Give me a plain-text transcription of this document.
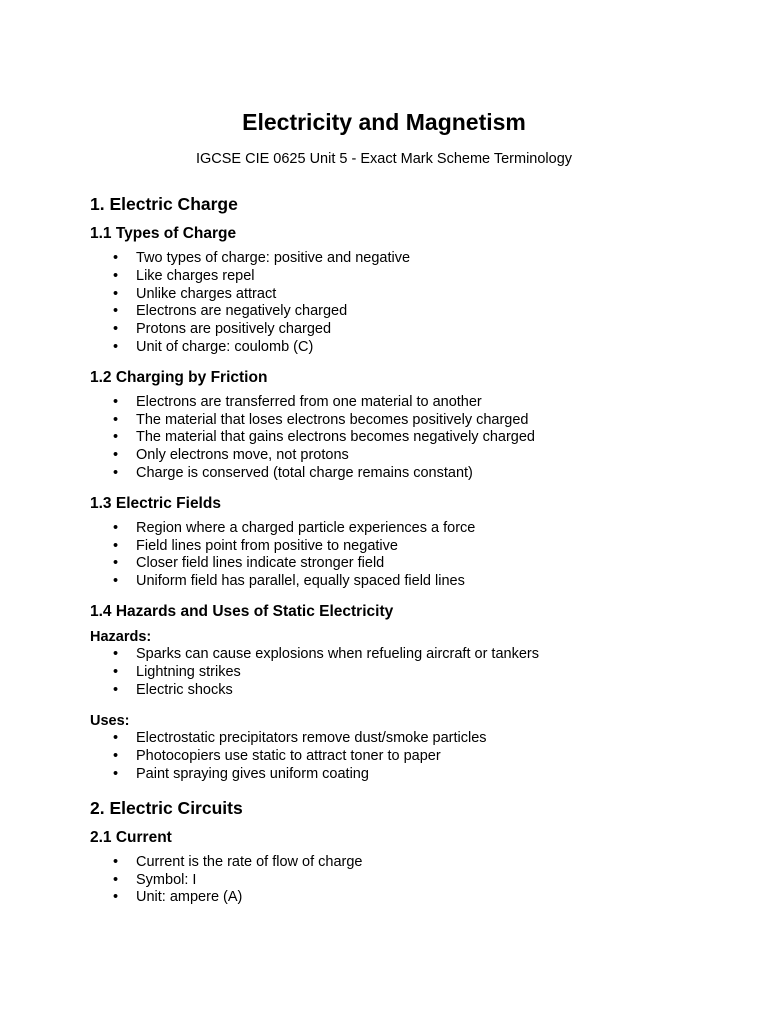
Electricity and Magnetism

IGCSE CIE 0625 Unit 5 - Exact Mark Scheme Terminology

1. Electric Charge
1.1 Types of Charge
• Two types of charge: positive and negative
• Like charges repel
• Unlike charges attract
• Electrons are negatively charged
• Protons are positively charged
• Unit of charge: coulomb (C)
1.2 Charging by Friction
• Electrons are transferred from one material to another
• The material that loses electrons becomes positively charged
• The material that gains electrons becomes negatively charged
• Only electrons move, not protons
• Charge is conserved (total charge remains constant)
1.3 Electric Fields
• Region where a charged particle experiences a force
• Field lines point from positive to negative
• Closer field lines indicate stronger field
• Uniform field has parallel, equally spaced field lines
1.4 Hazards and Uses of Static Electricity

Hazards:

• Sparks can cause explosions when refueling aircraft or tankers
• Lightning strikes
• Electric shocks

Uses:

• Electrostatic precipitators remove dust/smoke particles
• Photocopiers use static to attract toner to paper
• Paint spraying gives uniform coating
2. Electric Circuits
2.1 Current
• Current is the rate of flow of charge
• Symbol: I
• Unit: ampere (A)
